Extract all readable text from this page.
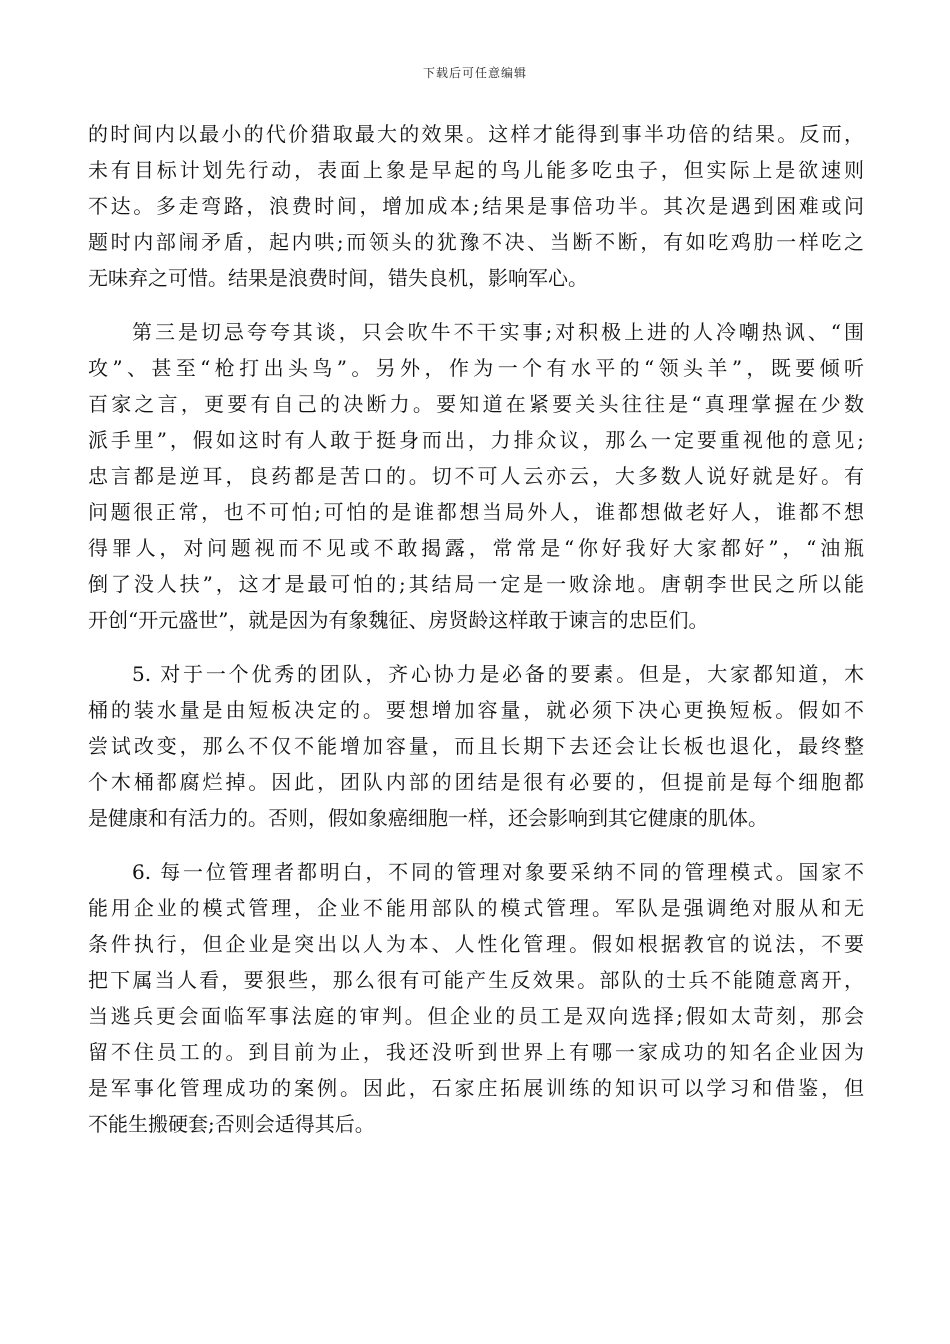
下载后可任意编辑
的时间内以最小的代价猎取最大的效果。这样才能得到事半功倍的结果。反而，
未有目标计划先行动，表面上象是早起的鸟儿能多吃虫子，但实际上是欲速则
不达。多走弯路，浪费时间，增加成本;结果是事倍功半。其次是遇到困难或问
题时内部闹矛盾，起内哄;而领头的犹豫不决、当断不断，有如吃鸡肋一样吃之
无味弃之可惜。结果是浪费时间，错失良机，影响军心。
第三是切忌夸夸其谈，只会吹牛不干实事;对积极上进的人冷嘲热讽、“围
攻”、甚至“枪打出头鸟”。另外，作为一个有水平的“领头羊”，既要倾听
百家之言，更要有自己的决断力。要知道在紧要关头往往是“真理掌握在少数
派手里”，假如这时有人敢于挺身而出，力排众议，那么一定要重视他的意见;
忠言都是逆耳，良药都是苦口的。切不可人云亦云，大多数人说好就是好。有
问题很正常，也不可怕;可怕的是谁都想当局外人，谁都想做老好人，谁都不想
得罪人，对问题视而不见或不敢揭露，常常是“你好我好大家都好”，“油瓶
倒了没人扶”，这才是最可怕的;其结局一定是一败涂地。唐朝李世民之所以能
开创“开元盛世”，就是因为有象魏征、房贤龄这样敢于谏言的忠臣们。
5. 对于一个优秀的团队，齐心协力是必备的要素。但是，大家都知道，木
桶的装水量是由短板决定的。要想增加容量，就必须下决心更换短板。假如不
尝试改变，那么不仅不能增加容量，而且长期下去还会让长板也退化，最终整
个木桶都腐烂掉。因此，团队内部的团结是很有必要的，但提前是每个细胞都
是健康和有活力的。否则，假如象癌细胞一样，还会影响到其它健康的肌体。
6. 每一位管理者都明白，不同的管理对象要采纳不同的管理模式。国家不
能用企业的模式管理，企业不能用部队的模式管理。军队是强调绝对服从和无
条件执行，但企业是突出以人为本、人性化管理。假如根据教官的说法，不要
把下属当人看，要狠些，那么很有可能产生反效果。部队的士兵不能随意离开，
当逃兵更会面临军事法庭的审判。但企业的员工是双向选择;假如太苛刻，那会
留不住员工的。到目前为止，我还没听到世界上有哪一家成功的知名企业因为
是军事化管理成功的案例。因此，石家庄拓展训练的知识可以学习和借鉴，但
不能生搬硬套;否则会适得其后。
